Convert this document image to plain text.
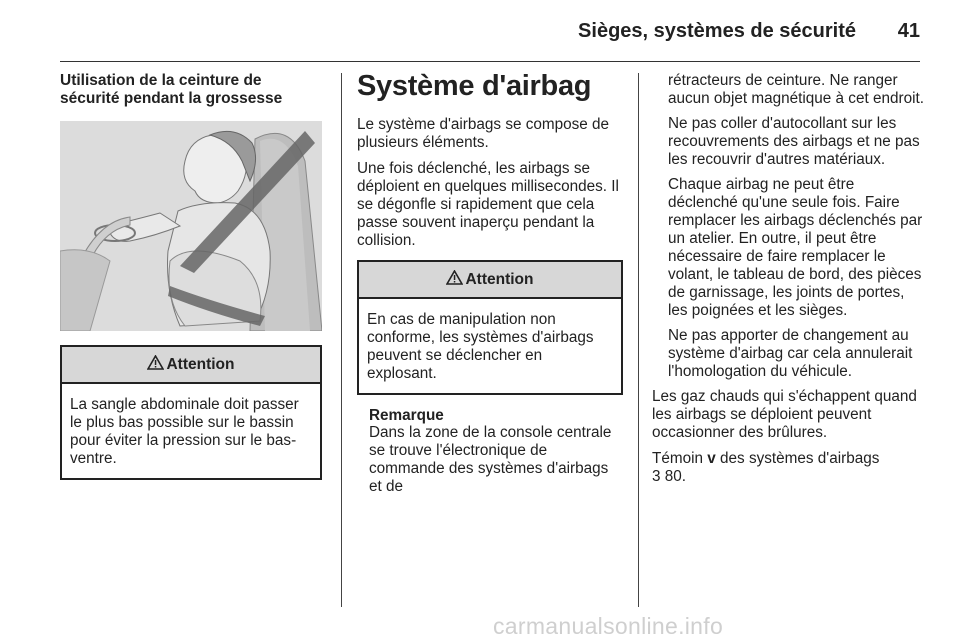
Sièges, systèmes de sécurité 41
Utilisation de la ceinture de sécurité pendant la grossesse
Attention
La sangle abdominale doit passer le plus bas possible sur le bassin pour éviter la pression sur le bas-ventre.
Système d'airbag
Le système d'airbags se compose de plusieurs éléments.
Une fois déclenché, les airbags se déploient en quelques millisecondes. Il se dégonfle si rapidement que cela passe souvent inaperçu pendant la collision.
Attention
En cas de manipulation non conforme, les systèmes d'airbags peuvent se déclencher en explosant.
Remarque
Dans la zone de la console centrale se trouve l'électronique de commande des systèmes d'airbags et de
rétracteurs de ceinture. Ne ranger aucun objet magnétique à cet endroit.
Ne pas coller d'autocollant sur les recouvrements des airbags et ne pas les recouvrir d'autres matériaux.
Chaque airbag ne peut être déclenché qu'une seule fois. Faire remplacer les airbags déclenchés par un atelier. En outre, il peut être nécessaire de faire remplacer le volant, le tableau de bord, des pièces de garnissage, les joints de portes, les poignées et les sièges.
Ne pas apporter de changement au système d'airbag car cela annulerait l'homologation du véhicule.
Les gaz chauds qui s'échappent quand les airbags se déploient peuvent occasionner des brûlures.
Témoin v des systèmes d'airbags
3 80.
carmanualsonline.info
